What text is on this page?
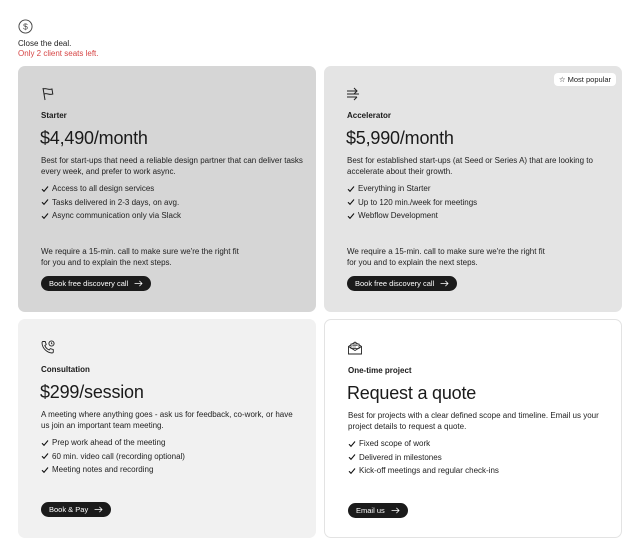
$
Close the deal.
Only 2 client seats left.
Starter
$4,490/month
Best for start-ups that need a reliable design partner that can deliver tasks every week, and prefer to work async.
Access to all design services
Tasks delivered in 2-3 days, on avg.
Async communication only via Slack
We require a 15-min. call to make sure we're the right fit for you and to explain the next steps.
Book free discovery call
☆ Most popular
Accelerator
$5,990/month
Best for established start-ups (at Seed or Series A) that are looking to accelerate about their growth.
Everything in Starter
Up to 120 min./week for meetings
Webflow Development
We require a 15-min. call to make sure we're the right fit for you and to explain the next steps.
Book free discovery call
Consultation
$299/session
A meeting where anything goes - ask us for feedback, co-work, or have us join an important team meeting.
Prep work ahead of the meeting
60 min. video call (recording optional)
Meeting notes and recording
Book & Pay
One-time project
Request a quote
Best for projects with a clear defined scope and timeline. Email us your project details to request a quote.
Fixed scope of work
Delivered in milestones
Kick-off meetings and regular check-ins
Email us
